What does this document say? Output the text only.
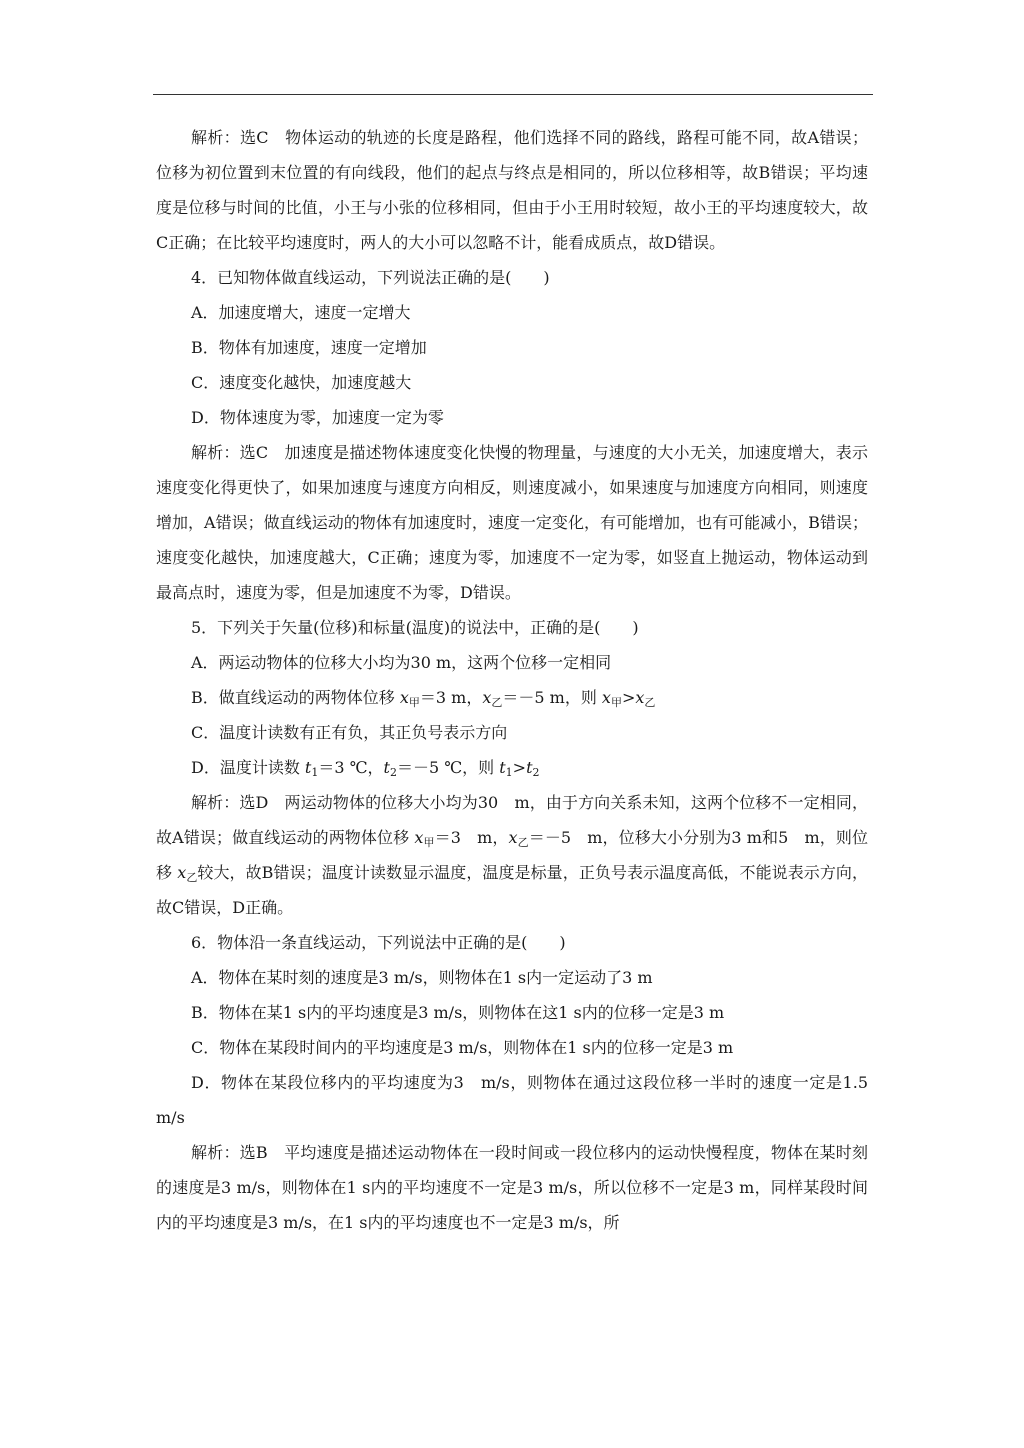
解析：选C　物体运动的轨迹的长度是路程，他们选择不同的路线，路程可能不同，故A错误；位移为初位置到末位置的有向线段，他们的起点与终点是相同的，所以位移相等，故B错误；平均速度是位移与时间的比值，小王与小张的位移相同，但由于小王用时较短，故小王的平均速度较大，故C正确；在比较平均速度时，两人的大小可以忽略不计，能看成质点，故D错误。

4．已知物体做直线运动，下列说法正确的是(　　)

A．加速度增大，速度一定增大

B．物体有加速度，速度一定增加

C．速度变化越快，加速度越大

D．物体速度为零，加速度一定为零

解析：选C　加速度是描述物体速度变化快慢的物理量，与速度的大小无关，加速度增大，表示速度变化得更快了，如果加速度与速度方向相反，则速度减小，如果速度与加速度方向相同，则速度增加，A错误；做直线运动的物体有加速度时，速度一定变化，有可能增加，也有可能减小，B错误；速度变化越快，加速度越大，C正确；速度为零，加速度不一定为零，如竖直上抛运动，物体运动到最高点时，速度为零，但是加速度不为零，D错误。

5．下列关于矢量(位移)和标量(温度)的说法中，正确的是(　　)

A．两运动物体的位移大小均为30 m，这两个位移一定相同

B．做直线运动的两物体位移 $x_甲=3$ m，$x_乙=-5$ m，则 $x_甲>x_乙$

C．温度计读数有正有负，其正负号表示方向

D．温度计读数 $t_1=3$ ℃，$t_2=-5$ ℃，则 $t_1>t_2$

解析：选D　两运动物体的位移大小均为30　m，由于方向关系未知，这两个位移不一定相同，故A错误；做直线运动的两物体位移 $x_甲=3$　m，$x_乙=-5$　m，位移大小分别为3 m和5　m，则位移 $x_乙$较大，故B错误；温度计读数显示温度，温度是标量，正负号表示温度高低，不能说表示方向，故C错误，D正确。

6．物体沿一条直线运动，下列说法中正确的是(　　)

A．物体在某时刻的速度是3 m/s，则物体在1 s内一定运动了3 m

B．物体在某1 s内的平均速度是3 m/s，则物体在这1 s内的位移一定是3 m

C．物体在某段时间内的平均速度是3 m/s，则物体在1 s内的位移一定是3 m

D．物体在某段位移内的平均速度为3　m/s，则物体在通过这段位移一半时的速度一定是1.5 m/s

解析：选B　平均速度是描述运动物体在一段时间或一段位移内的运动快慢程度，物体在某时刻的速度是3 m/s，则物体在1 s内的平均速度不一定是3 m/s，所以位移不一定是3 m，同样某段时间内的平均速度是3 m/s，在1 s内的平均速度也不一定是3 m/s，所
